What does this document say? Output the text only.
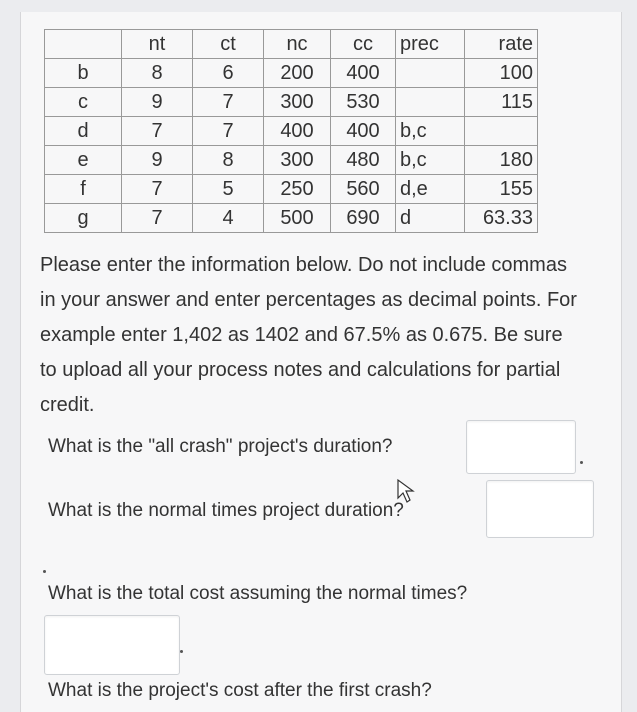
	nt	ct	nc	cc	prec	rate
b	8	6	200	400		100
c	9	7	300	530		115
d	7	7	400	400	b,c	
e	9	8	300	480	b,c	180
f	7	5	250	560	d,e	155
g	7	4	500	690	d	63.33
Please enter the information below. Do not include commas in your answer and enter percentages as decimal points. For example enter 1,402 as 1402 and 67.5% as 0.675. Be sure to upload all your process notes and calculations for partial credit.
What is the "all crash" project's duration?
What is the normal times project duration?
What is the total cost assuming the normal times?
What is the project's cost after the first crash?
